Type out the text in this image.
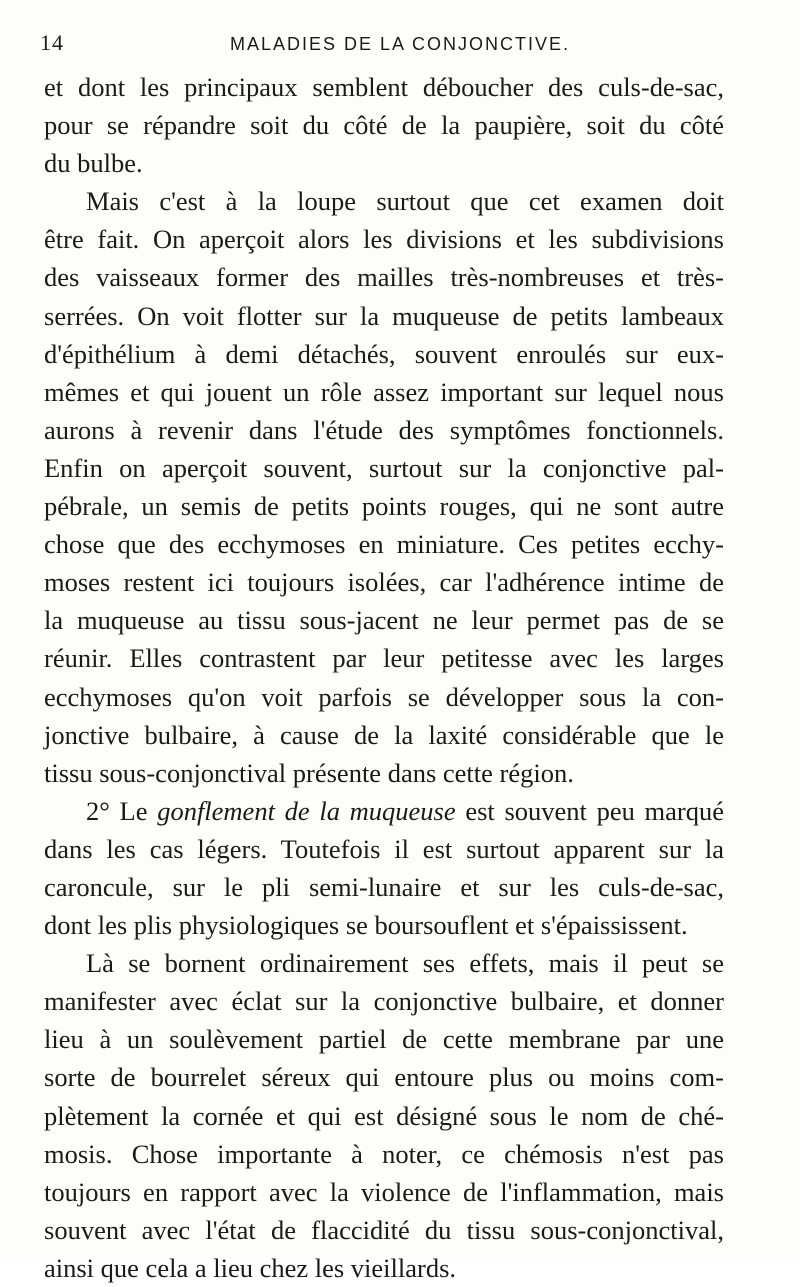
14	MALADIES DE LA CONJONCTIVE.
et dont les principaux semblent déboucher des culs-de-sac,
pour se répandre soit du côté de la paupière, soit du côté
du bulbe.
Mais c'est à la loupe surtout que cet examen doit
être fait. On aperçoit alors les divisions et les subdivisions
des vaisseaux former des mailles très-nombreuses et très-
serrées. On voit flotter sur la muqueuse de petits lambeaux
d'épithélium à demi détachés, souvent enroulés sur eux-
mêmes et qui jouent un rôle assez important sur lequel nous
aurons à revenir dans l'étude des symptômes fonctionnels.
Enfin on aperçoit souvent, surtout sur la conjonctive pal-
pébrale, un semis de petits points rouges, qui ne sont autre
chose que des ecchymoses en miniature. Ces petites ecchy-
moses restent ici toujours isolées, car l'adhérence intime de
la muqueuse au tissu sous-jacent ne leur permet pas de se
réunir. Elles contrastent par leur petitesse avec les larges
ecchymoses qu'on voit parfois se développer sous la con-
jonctive bulbaire, à cause de la laxité considérable que le
tissu sous-conjonctival présente dans cette région.
2° Le gonflement de la muqueuse est souvent peu marqué
dans les cas légers. Toutefois il est surtout apparent sur la
caroncule, sur le pli semi-lunaire et sur les culs-de-sac,
dont les plis physiologiques se boursouflent et s'épaississent.
Là se bornent ordinairement ses effets, mais il peut se
manifester avec éclat sur la conjonctive bulbaire, et donner
lieu à un soulèvement partiel de cette membrane par une
sorte de bourrelet séreux qui entoure plus ou moins com-
plètement la cornée et qui est désigné sous le nom de ché-
mosis. Chose importante à noter, ce chémosis n'est pas
toujours en rapport avec la violence de l'inflammation, mais
souvent avec l'état de flaccidité du tissu sous-conjonctival,
ainsi que cela a lieu chez les vieillards.
